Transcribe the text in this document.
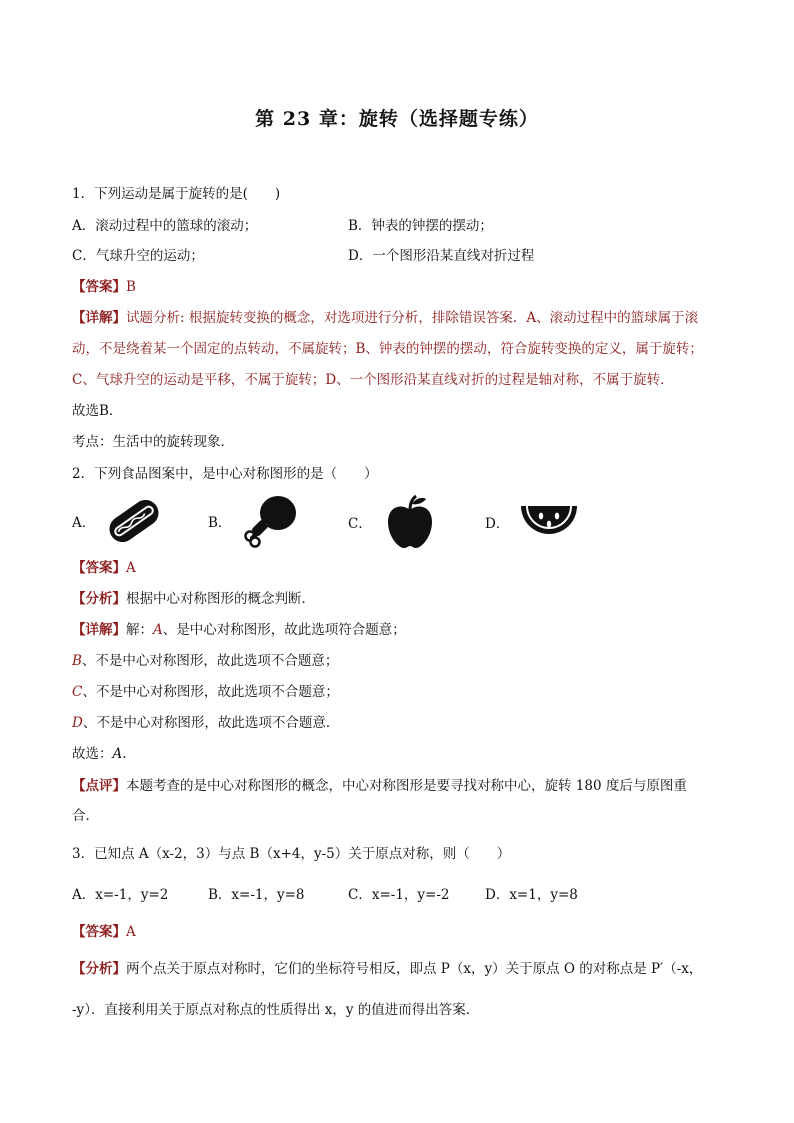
第 23 章：旋转（选择题专练）
1．下列运动是属于旋转的是(　　)
A．滚动过程中的篮球的滚动；	B．钟表的钟摆的摆动；
C．气球升空的运动；	D．一个图形沿某直线对折过程
【答案】B
【详解】试题分析: 根据旋转变换的概念，对选项进行分析，排除错误答案．A、滚动过程中的篮球属于滚
动，不是绕着某一个固定的点转动，不属旋转；B、钟表的钟摆的摆动，符合旋转变换的定义，属于旋转；
C、气球升空的运动是平移，不属于旋转；D、一个图形沿某直线对折的过程是轴对称，不属于旋转．
故选B．
考点：生活中的旋转现象．
2．下列食品图案中，是中心对称图形的是（　　）
A．	B．	C．	D．
【答案】A
【分析】根据中心对称图形的概念判断．
【详解】解：A、是中心对称图形，故此选项符合题意；
B、不是中心对称图形，故此选项不合题意；
C、不是中心对称图形，故此选项不合题意；
D、不是中心对称图形，故此选项不合题意．
故选：A.
【点评】本题考查的是中心对称图形的概念，中心对称图形是要寻找对称中心，旋转 180 度后与原图重
合．
3．已知点 A（x-2，3）与点 B（x+4，y-5）关于原点对称，则（　　）
A．x=-1，y=2	B．x=-1，y=8	C．x=-1，y=-2	D．x=1，y=8
【答案】A
【分析】两个点关于原点对称时，它们的坐标符号相反，即点 P（x，y）关于原点 O 的对称点是 P′（-x，
-y）．直接利用关于原点对称点的性质得出 x，y 的值进而得出答案．
